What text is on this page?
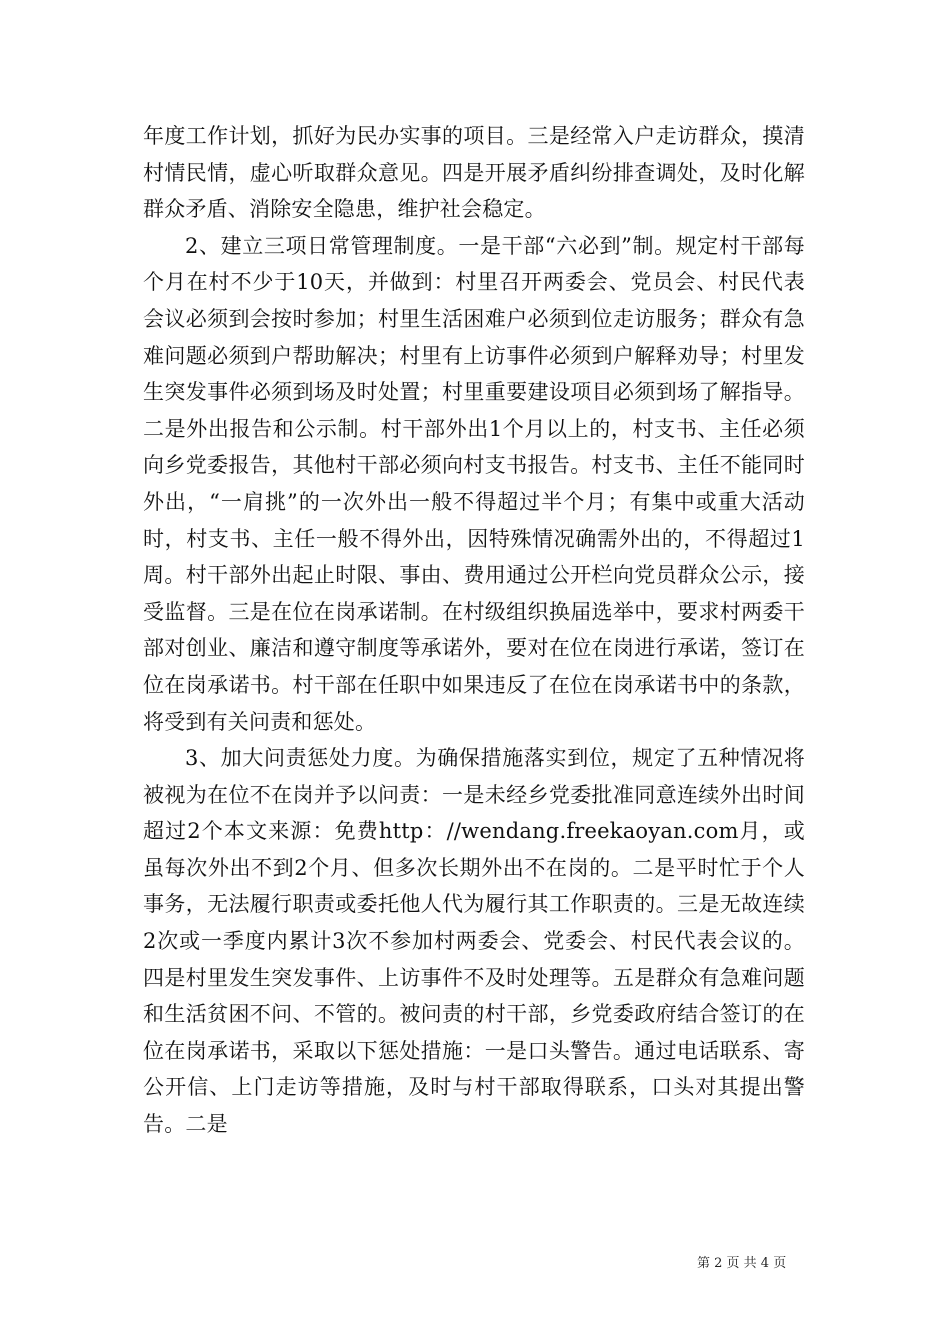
年度工作计划，抓好为民办实事的项目。三是经常入户走访群众，摸清村情民情，虚心听取群众意见。四是开展矛盾纠纷排查调处，及时化解群众矛盾、消除安全隐患，维护社会稳定。

2、建立三项日常管理制度。一是干部“六必到”制。规定村干部每个月在村不少于10天，并做到：村里召开两委会、党员会、村民代表会议必须到会按时参加；村里生活困难户必须到位走访服务；群众有急难问题必须到户帮助解决；村里有上访事件必须到户解释劝导；村里发生突发事件必须到场及时处置；村里重要建设项目必须到场了解指导。二是外出报告和公示制。村干部外出1个月以上的，村支书、主任必须向乡党委报告，其他村干部必须向村支书报告。村支书、主任不能同时外出，“一肩挑”的一次外出一般不得超过半个月；有集中或重大活动时，村支书、主任一般不得外出，因特殊情况确需外出的，不得超过1周。村干部外出起止时限、事由、费用通过公开栏向党员群众公示，接受监督。三是在位在岗承诺制。在村级组织换届选举中，要求村两委干部对创业、廉洁和遵守制度等承诺外，要对在位在岗进行承诺，签订在位在岗承诺书。村干部在任职中如果违反了在位在岗承诺书中的条款，将受到有关问责和惩处。

3、加大问责惩处力度。为确保措施落实到位，规定了五种情况将被视为在位不在岗并予以问责：一是未经乡党委批准同意连续外出时间超过2个本文来源：免费http：//wendang.freekaoyan.com月，或虽每次外出不到2个月、但多次长期外出不在岗的。二是平时忙于个人事务，无法履行职责或委托他人代为履行其工作职责的。三是无故连续2次或一季度内累计3次不参加村两委会、党委会、村民代表会议的。四是村里发生突发事件、上访事件不及时处理等。五是群众有急难问题和生活贫困不问、不管的。被问责的村干部，乡党委政府结合签订的在位在岗承诺书，采取以下惩处措施：一是口头警告。通过电话联系、寄公开信、上门走访等措施，及时与村干部取得联系，口头对其提出警告。二是

第 2 页 共 4 页
